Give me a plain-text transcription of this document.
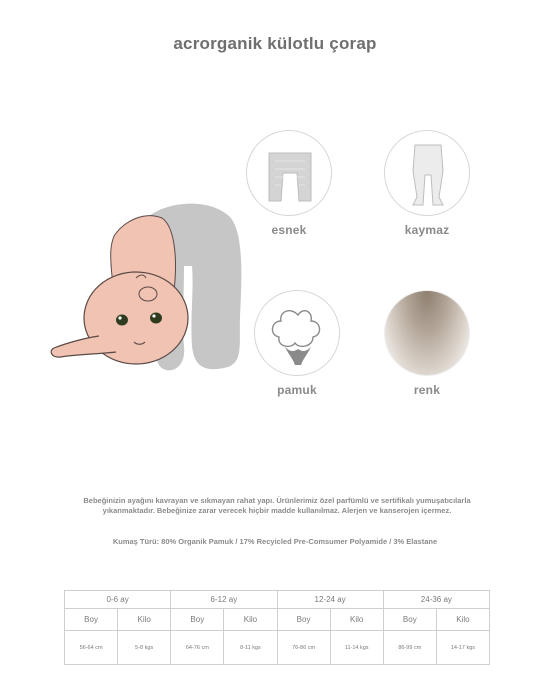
acrorganik külotlu çorap
esnek	kaymaz
pamuk	renk
Bebeğinizin ayağını kavrayan ve sıkmayan rahat yapı. Ürünlerimiz özel parfümlü ve sertifikalı yumuşatıcılarla yıkanmaktadır. Bebeğinize zarar verecek hiçbir madde kullanılmaz. Alerjen ve kanserojen içermez.
Kumaş Türü: 80% Organik Pamuk / 17% Recyicled Pre-Comsumer Polyamide / 3% Elastane
0-6 ay		6-12 ay		12-24 ay		24-36 ay	
Boy	Kilo	Boy	Kilo	Boy	Kilo	Boy	Kilo
56-64 cm	5-8 kgs	64-76 cm	8-11 kgs	76-86 cm	11-14 kgs	86-99 cm	14-17 kgs
